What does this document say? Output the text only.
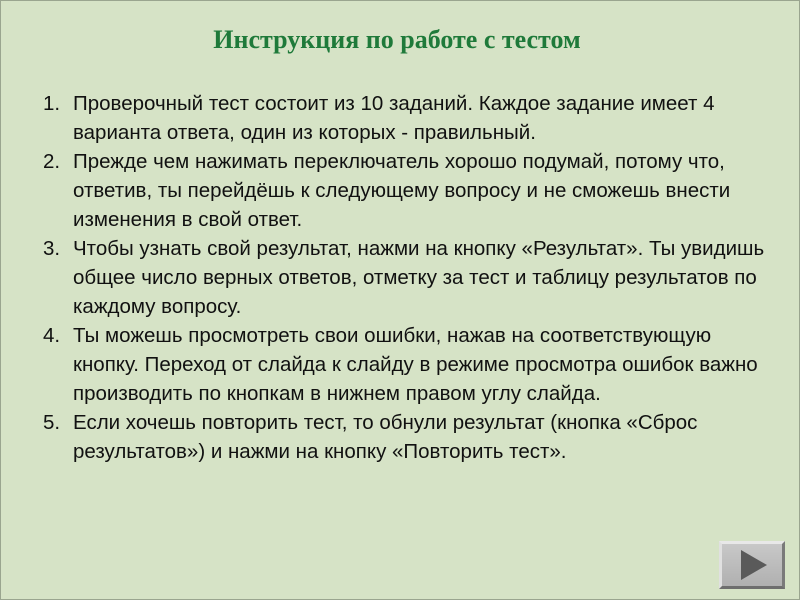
Инструкция по работе с тестом
1. Проверочный тест состоит из 10 заданий. Каждое задание имеет 4 варианта ответа, один из которых - правильный.
2. Прежде чем нажимать переключатель хорошо подумай, потому что, ответив, ты перейдёшь к следующему вопросу и не сможешь внести изменения в свой ответ.
3. Чтобы узнать свой результат, нажми на кнопку «Результат». Ты увидишь общее число верных ответов, отметку за тест и таблицу результатов по каждому вопросу.
4. Ты можешь просмотреть свои ошибки, нажав на соответствующую кнопку. Переход от слайда к слайду в режиме просмотра ошибок важно производить по кнопкам в нижнем правом углу слайда.
5. Если хочешь повторить тест, то обнули результат (кнопка «Сброс результатов») и нажми на кнопку «Повторить тест».
